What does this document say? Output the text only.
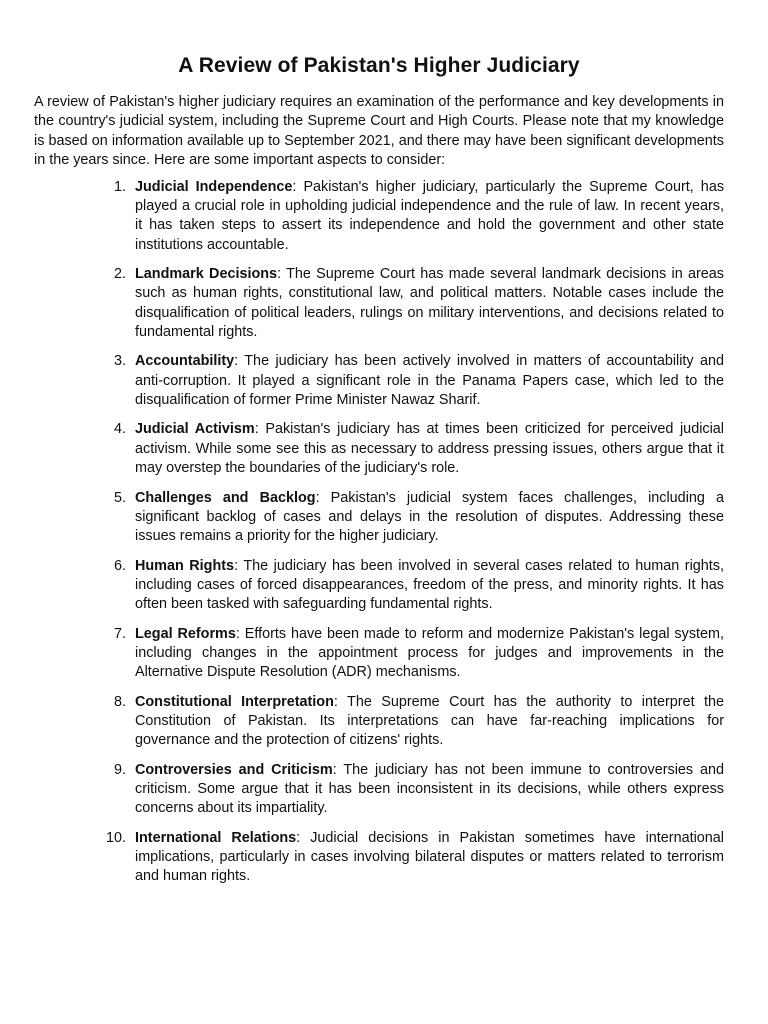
A Review of Pakistan's Higher Judiciary

A review of Pakistan's higher judiciary requires an examination of the performance and key developments in the country's judicial system, including the Supreme Court and High Courts. Please note that my knowledge is based on information available up to September 2021, and there may have been significant developments in the years since. Here are some important aspects to consider:

1. Judicial Independence: Pakistan's higher judiciary, particularly the Supreme Court, has played a crucial role in upholding judicial independence and the rule of law. In recent years, it has taken steps to assert its independence and hold the government and other state institutions accountable.
2. Landmark Decisions: The Supreme Court has made several landmark decisions in areas such as human rights, constitutional law, and political matters. Notable cases include the disqualification of political leaders, rulings on military interventions, and decisions related to fundamental rights.
3. Accountability: The judiciary has been actively involved in matters of accountability and anti-corruption. It played a significant role in the Panama Papers case, which led to the disqualification of former Prime Minister Nawaz Sharif.
4. Judicial Activism: Pakistan's judiciary has at times been criticized for perceived judicial activism. While some see this as necessary to address pressing issues, others argue that it may overstep the boundaries of the judiciary's role.
5. Challenges and Backlog: Pakistan's judicial system faces challenges, including a significant backlog of cases and delays in the resolution of disputes. Addressing these issues remains a priority for the higher judiciary.
6. Human Rights: The judiciary has been involved in several cases related to human rights, including cases of forced disappearances, freedom of the press, and minority rights. It has often been tasked with safeguarding fundamental rights.
7. Legal Reforms: Efforts have been made to reform and modernize Pakistan's legal system, including changes in the appointment process for judges and improvements in the Alternative Dispute Resolution (ADR) mechanisms.
8. Constitutional Interpretation: The Supreme Court has the authority to interpret the Constitution of Pakistan. Its interpretations can have far-reaching implications for governance and the protection of citizens' rights.
9. Controversies and Criticism: The judiciary has not been immune to controversies and criticism. Some argue that it has been inconsistent in its decisions, while others express concerns about its impartiality.
10. International Relations: Judicial decisions in Pakistan sometimes have international implications, particularly in cases involving bilateral disputes or matters related to terrorism and human rights.
